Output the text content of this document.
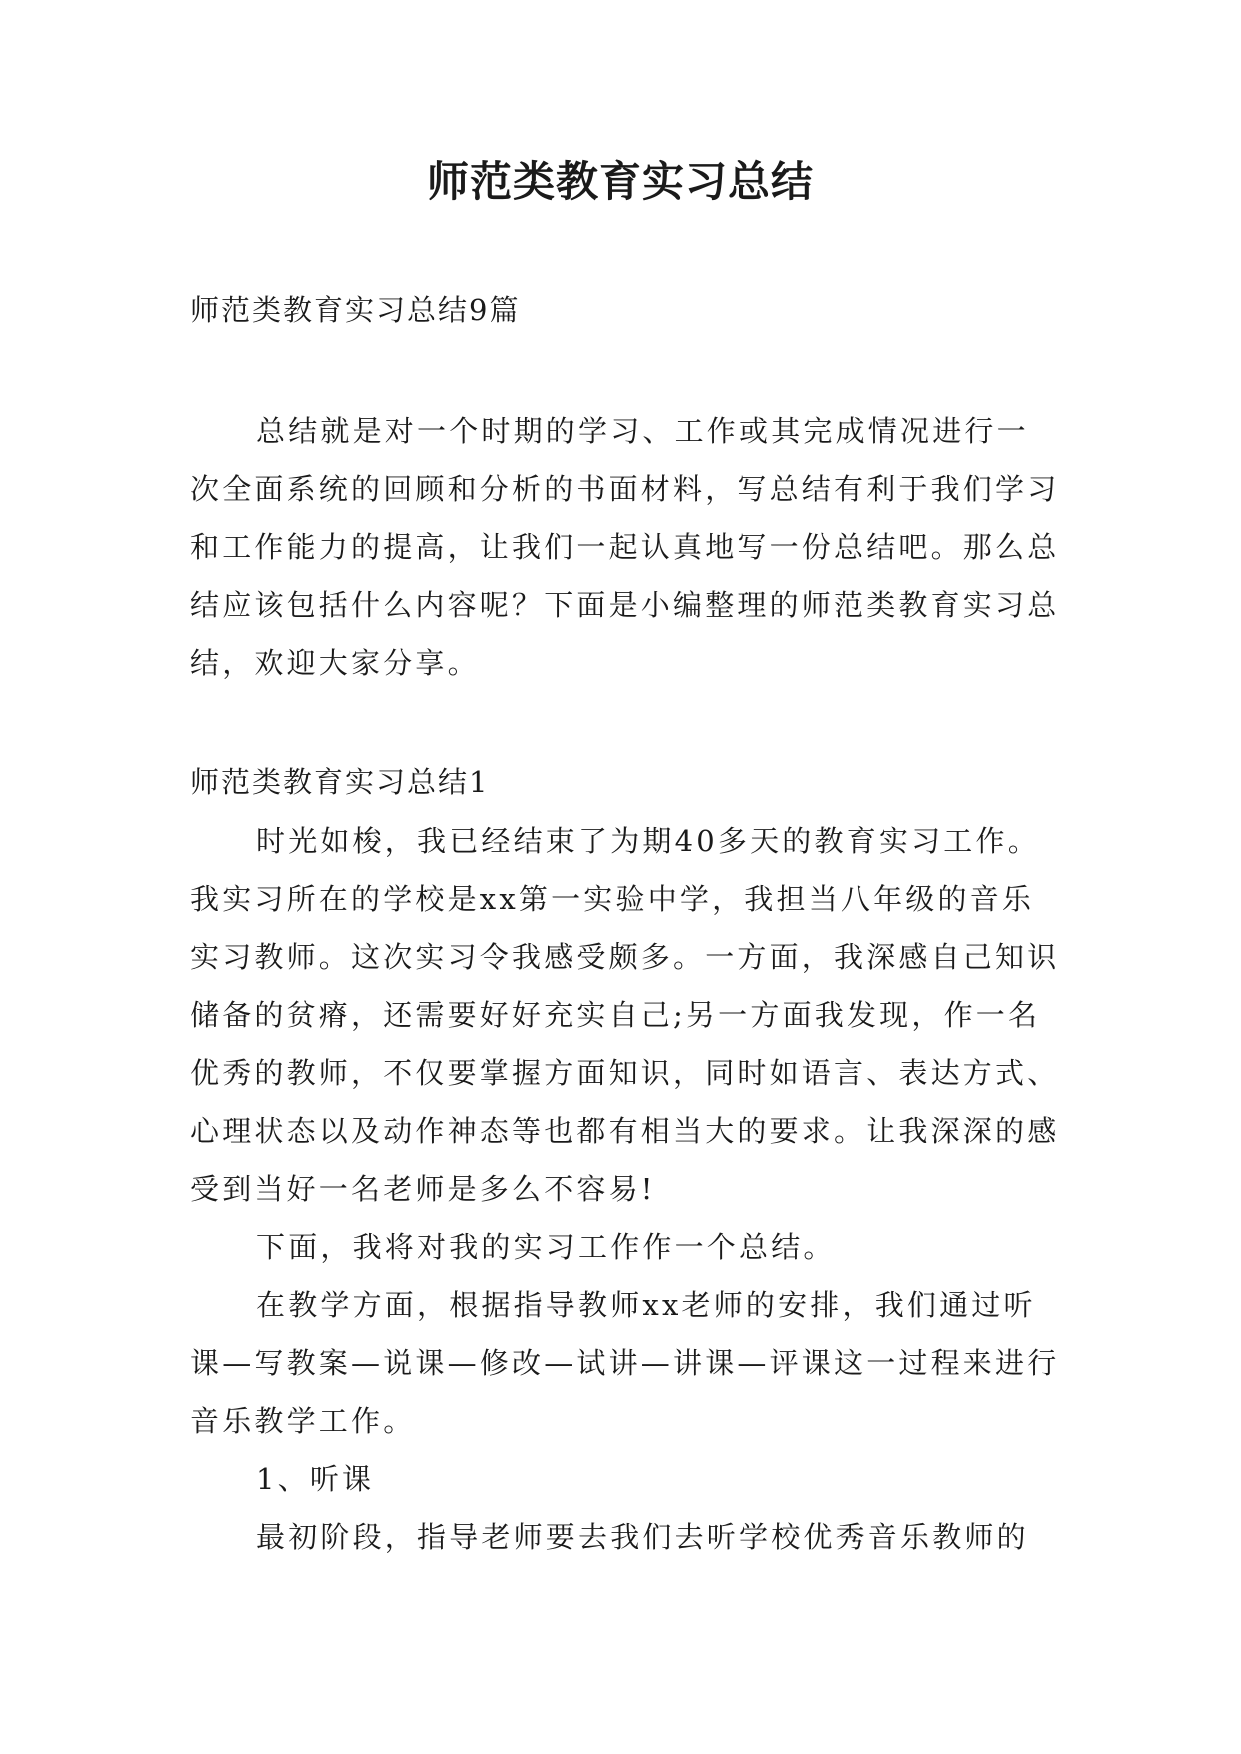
师范类教育实习总结
师范类教育实习总结9篇

总结就是对一个时期的学习、工作或其完成情况进行一次全面系统的回顾和分析的书面材料，写总结有利于我们学习和工作能力的提高，让我们一起认真地写一份总结吧。那么总结应该包括什么内容呢？下面是小编整理的师范类教育实习总结，欢迎大家分享。

师范类教育实习总结1

时光如梭，我已经结束了为期40多天的教育实习工作。我实习所在的学校是xx第一实验中学，我担当八年级的音乐实习教师。这次实习令我感受颇多。一方面，我深感自己知识储备的贫瘠，还需要好好充实自己;另一方面我发现，作一名优秀的教师，不仅要掌握方面知识，同时如语言、表达方式、心理状态以及动作神态等也都有相当大的要求。让我深深的感受到当好一名老师是多么不容易!

下面，我将对我的实习工作作一个总结。

在教学方面，根据指导教师xx老师的安排，我们通过听课—写教案—说课—修改—试讲—讲课—评课这一过程来进行音乐教学工作。

1、听课

最初阶段，指导老师要去我们去听学校优秀音乐教师的
